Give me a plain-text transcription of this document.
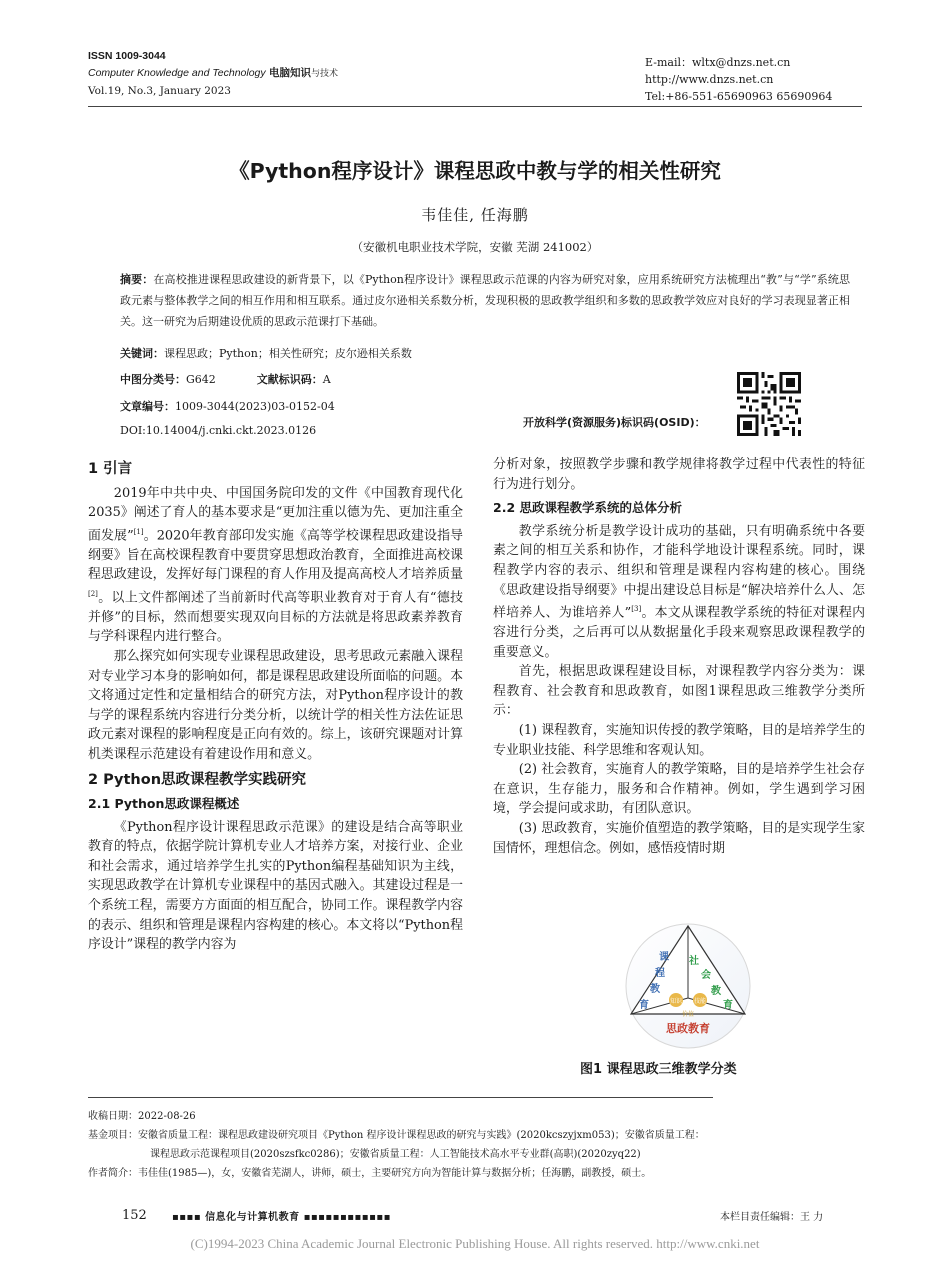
ISSN 1009-3044
Computer Knowledge and Technology 电脑知识与技术
Vol.19, No.3, January 2023
E-mail：wltx@dnzs.net.cn
http://www.dnzs.net.cn
Tel:+86-551-65690963 65690964
《Python程序设计》课程思政中教与学的相关性研究
韦佳佳, 任海鹏
（安徽机电职业技术学院，安徽 芜湖 241002）
摘要：在高校推进课程思政建设的新背景下，以《Python程序设计》课程思政示范课的内容为研究对象，应用系统研究方法梳理出“教”与“学”系统思政元素与整体教学之间的相互作用和相互联系。通过皮尔逊相关系数分析，发现积极的思政教学组织和多数的思政教学效应对良好的学习表现显著正相关。这一研究为后期建设优质的思政示范课打下基础。
关键词：课程思政；Python；相关性研究；皮尔逊相关系数
中图分类号：G642	文献标识码：A
文章编号：1009-3044(2023)03-0152-04
DOI:10.14004/j.cnki.ckt.2023.0126
开放科学(资源服务)标识码(OSID)：
1 引言

2019年中共中央、中国国务院印发的文件《中国教育现代化2035》阐述了育人的基本要求是“更加注重以德为先、更加注重全面发展”[1]。2020年教育部印发实施《高等学校课程思政建设指导纲要》旨在高校课程教育中要贯穿思想政治教育，全面推进高校课程思政建设，发挥好每门课程的育人作用及提高高校人才培养质量[2]。以上文件都阐述了当前新时代高等职业教育对于育人有“德技并修”的目标，然而想要实现双向目标的方法就是将思政素养教育与学科课程内进行整合。

那么探究如何实现专业课程思政建设，思考思政元素融入课程对专业学习本身的影响如何，都是课程思政建设所面临的问题。本文将通过定性和定量相结合的研究方法，对Python程序设计的教与学的课程系统内容进行分类分析，以统计学的相关性方法佐证思政元素对课程的影响程度是正向有效的。综上，该研究课题对计算机类课程示范建设有着建设作用和意义。

2 Python思政课程教学实践研究
2.1 Python思政课程概述

《Python程序设计课程思政示范课》的建设是结合高等职业教育的特点，依据学院计算机专业人才培养方案，对接行业、企业和社会需求，通过培养学生扎实的Python编程基础知识为主线，实现思政教学在计算机专业课程中的基因式融入。其建设过程是一个系统工程，需要方方面面的相互配合，协同工作。课程教学内容的表示、组织和管理是课程内容构建的核心。本文将以“Python程序设计”课程的教学内容为

分析对象，按照教学步骤和教学规律将教学过程中代表性的特征行为进行划分。

2.2 思政课程教学系统的总体分析

教学系统分析是教学设计成功的基础，只有明确系统中各要素之间的相互关系和协作，才能科学地设计课程系统。同时，课程教学内容的表示、组织和管理是课程内容构建的核心。围绕《思政建设指导纲要》中提出建设总目标是“解决培养什么人、怎样培养人、为谁培养人”[3]。本文从课程教学系统的特征对课程内容进行分类，之后再可以从数据量化手段来观察思政课程教学的重要意义。

首先，根据思政课程建设目标，对课程教学内容分类为：课程教育、社会教育和思政教育，如图1课程思政三维教学分类所示：

(1) 课程教育，实施知识传授的教学策略，目的是培养学生的专业职业技能、科学思维和客观认知。

(2) 社会教育，实施育人的教学策略，目的是培养学生社会存在意识，生存能力，服务和合作精神。例如，学生遇到学习困境，学会提问或求助，有团队意识。

(3) 思政教育，实施价值塑造的教学策略，目的是实现学生家国情怀，理想信念。例如，感悟疫情时期

知识 技能
价值
课
程
教
育
社
会
教
育
思政教育
图1 课程思政三维教学分类
收稿日期：2022-08-26
基金项目：安徽省质量工程：课程思政建设研究项目《Python 程序设计课程思政的研究与实践》(2020kcszyjxm053)；安徽省质量工程：
课程思政示范课程项目(2020szsfkc0286)；安徽省质量工程：人工智能技术高水平专业群(高职)(2020zyq22)
作者简介：韦佳佳(1985—)，女，安徽省芜湖人，讲师，硕士，主要研究方向为智能计算与数据分析；任海鹏，副教授，硕士。
152	▪▪▪▪ 信息化与计算机教育 ▪▪▪▪▪▪▪▪▪▪▪▪	本栏目责任编辑：王 力
(C)1994-2023 China Academic Journal Electronic Publishing House. All rights reserved. http://www.cnki.net
